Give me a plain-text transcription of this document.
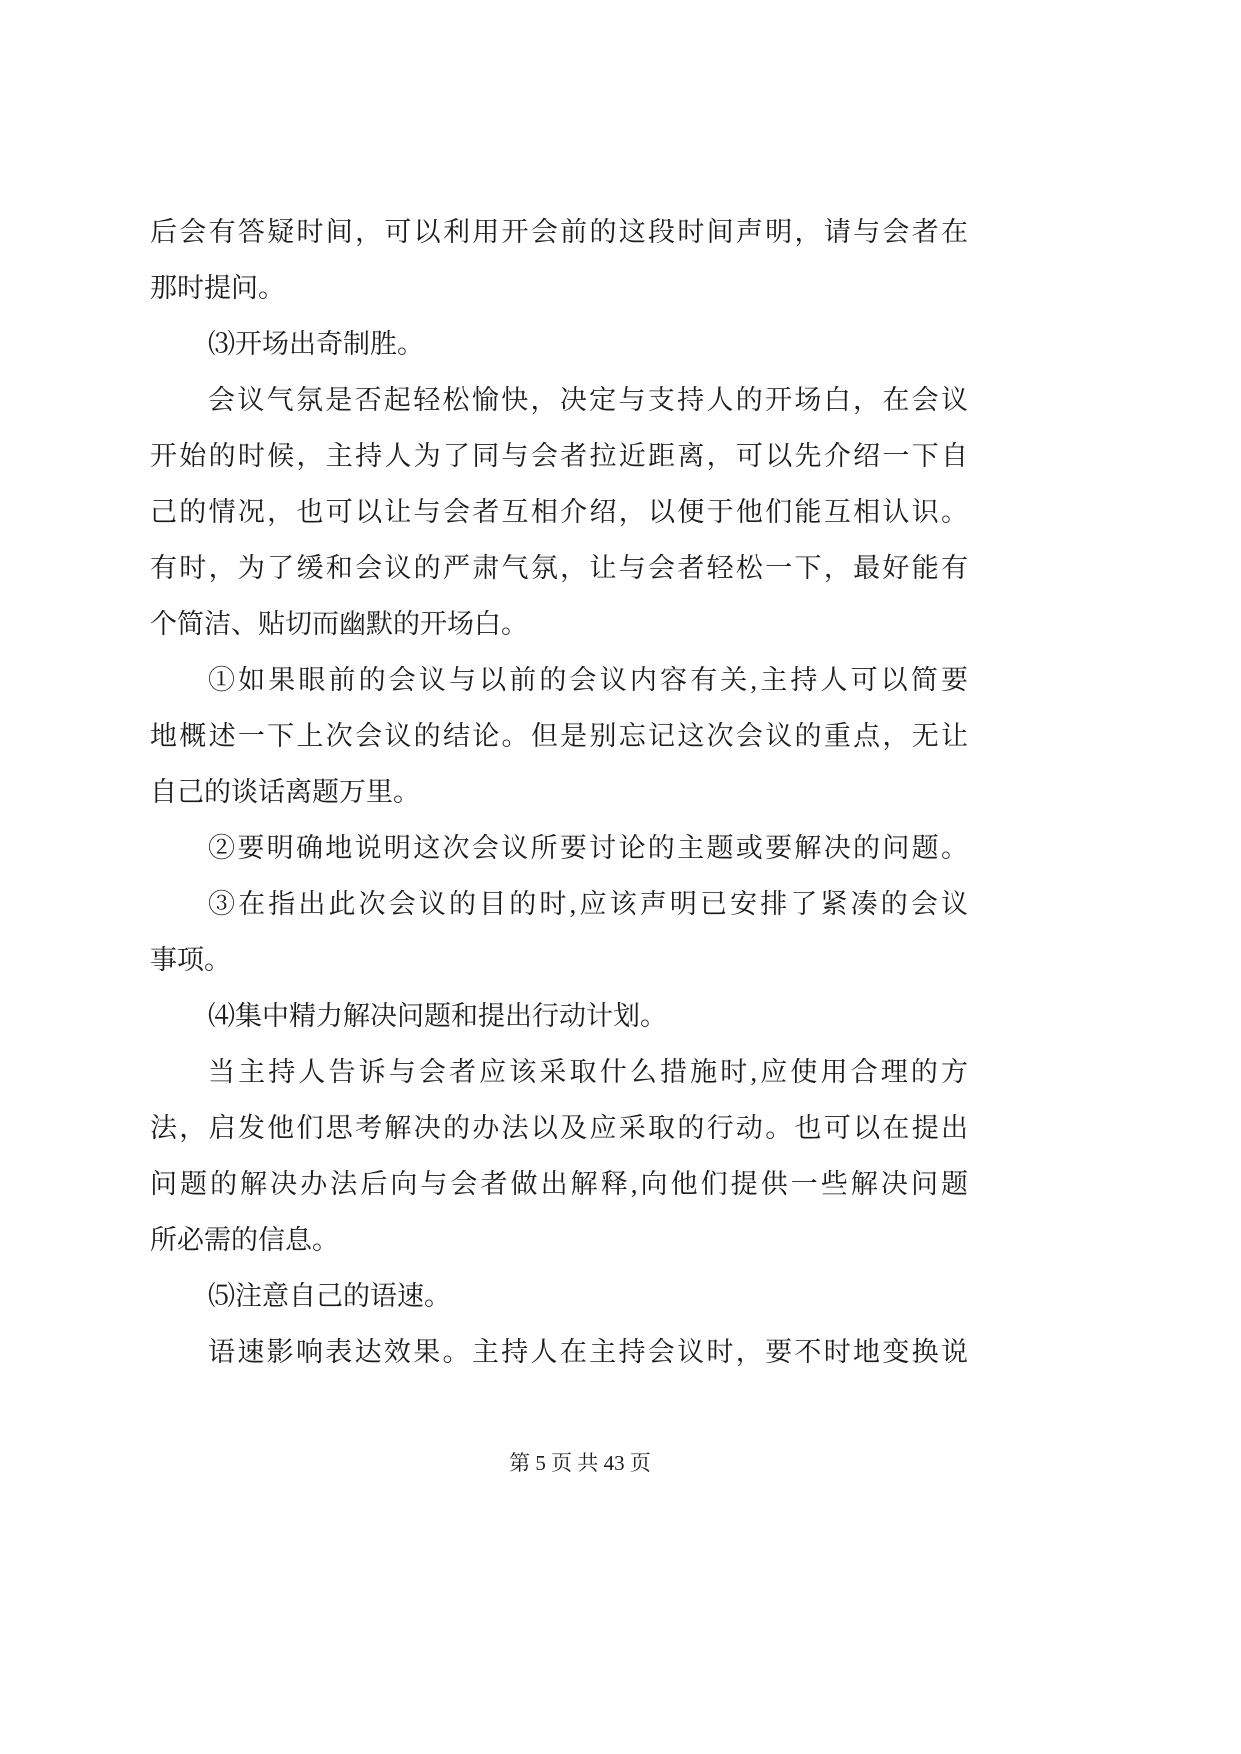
后会有答疑时间，可以利用开会前的这段时间声明，请与会者在
那时提问。
⑶开场出奇制胜。
会议气氛是否起轻松愉快，决定与支持人的开场白，在会议
开始的时候，主持人为了同与会者拉近距离，可以先介绍一下自
己的情况，也可以让与会者互相介绍，以便于他们能互相认识。
有时，为了缓和会议的严肃气氛，让与会者轻松一下，最好能有
个简洁、贴切而幽默的开场白。
①如果眼前的会议与以前的会议内容有关,主持人可以简要
地概述一下上次会议的结论。但是别忘记这次会议的重点，无让
自己的谈话离题万里。
②要明确地说明这次会议所要讨论的主题或要解决的问题。
③在指出此次会议的目的时,应该声明已安排了紧凑的会议
事项。
⑷集中精力解决问题和提出行动计划。
当主持人告诉与会者应该采取什么措施时,应使用合理的方
法，启发他们思考解决的办法以及应采取的行动。也可以在提出
问题的解决办法后向与会者做出解释,向他们提供一些解决问题
所必需的信息。
⑸注意自己的语速。
语速影响表达效果。主持人在主持会议时，要不时地变换说
第 5 页 共 43 页
